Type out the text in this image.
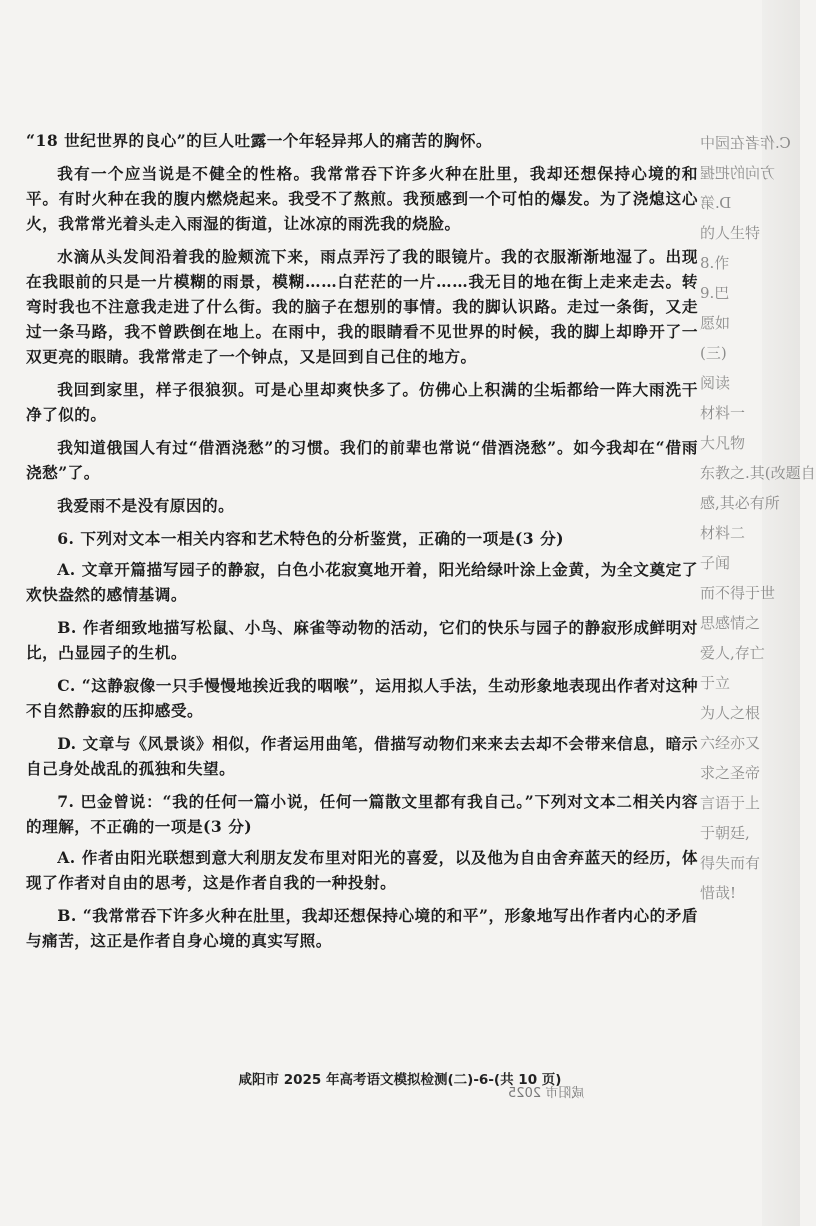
C.作者在园中
方向的把握
D.第
的人生特
8.作
9.巴
愿如
(三)
阅读
材料一
大凡物
东教之.其(改题自
感,其必有所
材料二
子闻
而不得于世
思感情之
爱人,存亡
于立
为人之根
六经亦又
求之圣帝
言语于上
于朝廷,
得失而有
惜哉!

“18 世纪世界的良心”的巨人吐露一个年轻异邦人的痛苦的胸怀。

我有一个应当说是不健全的性格。我常常吞下许多火种在肚里，我却还想保持心境的和平。有时火种在我的腹内燃烧起来。我受不了熬煎。我预感到一个可怕的爆发。为了浇熄这心火，我常常光着头走入雨湿的街道，让冰凉的雨洗我的烧脸。

水滴从头发间沿着我的脸颊流下来，雨点弄污了我的眼镜片。我的衣服渐渐地湿了。出现在我眼前的只是一片模糊的雨景，模糊……白茫茫的一片……我无目的地在街上走来走去。转弯时我也不注意我走进了什么街。我的脑子在想别的事情。我的脚认识路。走过一条街，又走过一条马路，我不曾跌倒在地上。在雨中，我的眼睛看不见世界的时候，我的脚上却睁开了一双更亮的眼睛。我常常走了一个钟点，又是回到自己住的地方。

我回到家里，样子很狼狈。可是心里却爽快多了。仿佛心上积满的尘垢都给一阵大雨洗干净了似的。

我知道俄国人有过“借酒浇愁”的习惯。我们的前辈也常说“借酒浇愁”。如今我却在“借雨浇愁”了。

我爱雨不是没有原因的。

6. 下列对文本一相关内容和艺术特色的分析鉴赏，正确的一项是(3 分)

A. 文章开篇描写园子的静寂，白色小花寂寞地开着，阳光给绿叶涂上金黄，为全文奠定了欢快盎然的感情基调。

B. 作者细致地描写松鼠、小鸟、麻雀等动物的活动，它们的快乐与园子的静寂形成鲜明对比，凸显园子的生机。

C. “这静寂像一只手慢慢地挨近我的咽喉”，运用拟人手法，生动形象地表现出作者对这种不自然静寂的压抑感受。

D. 文章与《风景谈》相似，作者运用曲笔，借描写动物们来来去去却不会带来信息，暗示自己身处战乱的孤独和失望。

7. 巴金曾说：“我的任何一篇小说，任何一篇散文里都有我自己。”下列对文本二相关内容的理解，不正确的一项是(3 分)

A. 作者由阳光联想到意大利朋友发布里对阳光的喜爱，以及他为自由舍弃蓝天的经历，体现了作者对自由的思考，这是作者自我的一种投射。

B. “我常常吞下许多火种在肚里，我却还想保持心境的和平”，形象地写出作者内心的矛盾与痛苦，这正是作者自身心境的真实写照。

咸阳市 2025 年高考语文模拟检测(二)-6-(共 10 页)
咸阳市 2025
